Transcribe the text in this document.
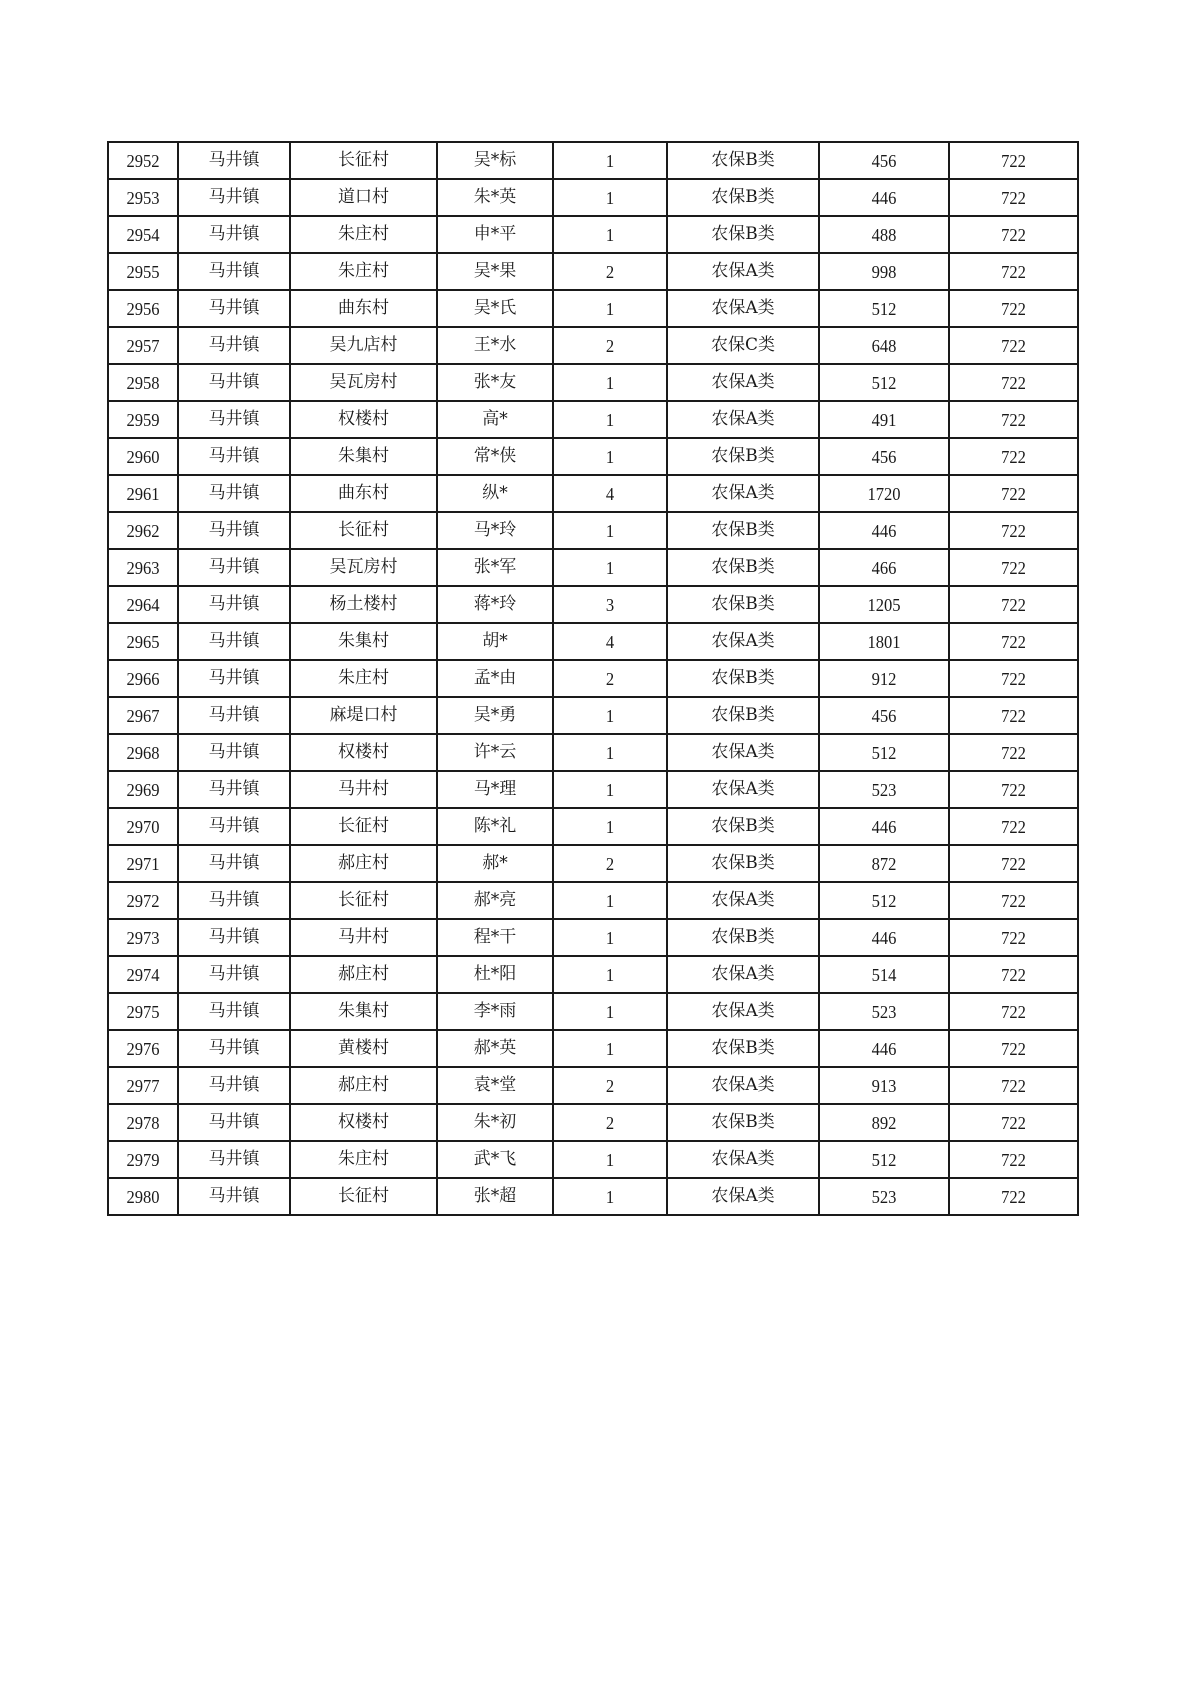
2952	马井镇	长征村	吴*标	1	农保B类	456	722
2953	马井镇	道口村	朱*英	1	农保B类	446	722
2954	马井镇	朱庄村	申*平	1	农保B类	488	722
2955	马井镇	朱庄村	吴*果	2	农保A类	998	722
2956	马井镇	曲东村	吴*氏	1	农保A类	512	722
2957	马井镇	吴九店村	王*水	2	农保C类	648	722
2958	马井镇	吴瓦房村	张*友	1	农保A类	512	722
2959	马井镇	权楼村	高*	1	农保A类	491	722
2960	马井镇	朱集村	常*侠	1	农保B类	456	722
2961	马井镇	曲东村	纵*	4	农保A类	1720	722
2962	马井镇	长征村	马*玲	1	农保B类	446	722
2963	马井镇	吴瓦房村	张*军	1	农保B类	466	722
2964	马井镇	杨土楼村	蒋*玲	3	农保B类	1205	722
2965	马井镇	朱集村	胡*	4	农保A类	1801	722
2966	马井镇	朱庄村	孟*由	2	农保B类	912	722
2967	马井镇	麻堤口村	吴*勇	1	农保B类	456	722
2968	马井镇	权楼村	许*云	1	农保A类	512	722
2969	马井镇	马井村	马*理	1	农保A类	523	722
2970	马井镇	长征村	陈*礼	1	农保B类	446	722
2971	马井镇	郝庄村	郝*	2	农保B类	872	722
2972	马井镇	长征村	郝*亮	1	农保A类	512	722
2973	马井镇	马井村	程*干	1	农保B类	446	722
2974	马井镇	郝庄村	杜*阳	1	农保A类	514	722
2975	马井镇	朱集村	李*雨	1	农保A类	523	722
2976	马井镇	黄楼村	郝*英	1	农保B类	446	722
2977	马井镇	郝庄村	袁*堂	2	农保A类	913	722
2978	马井镇	权楼村	朱*初	2	农保B类	892	722
2979	马井镇	朱庄村	武*飞	1	农保A类	512	722
2980	马井镇	长征村	张*超	1	农保A类	523	722
